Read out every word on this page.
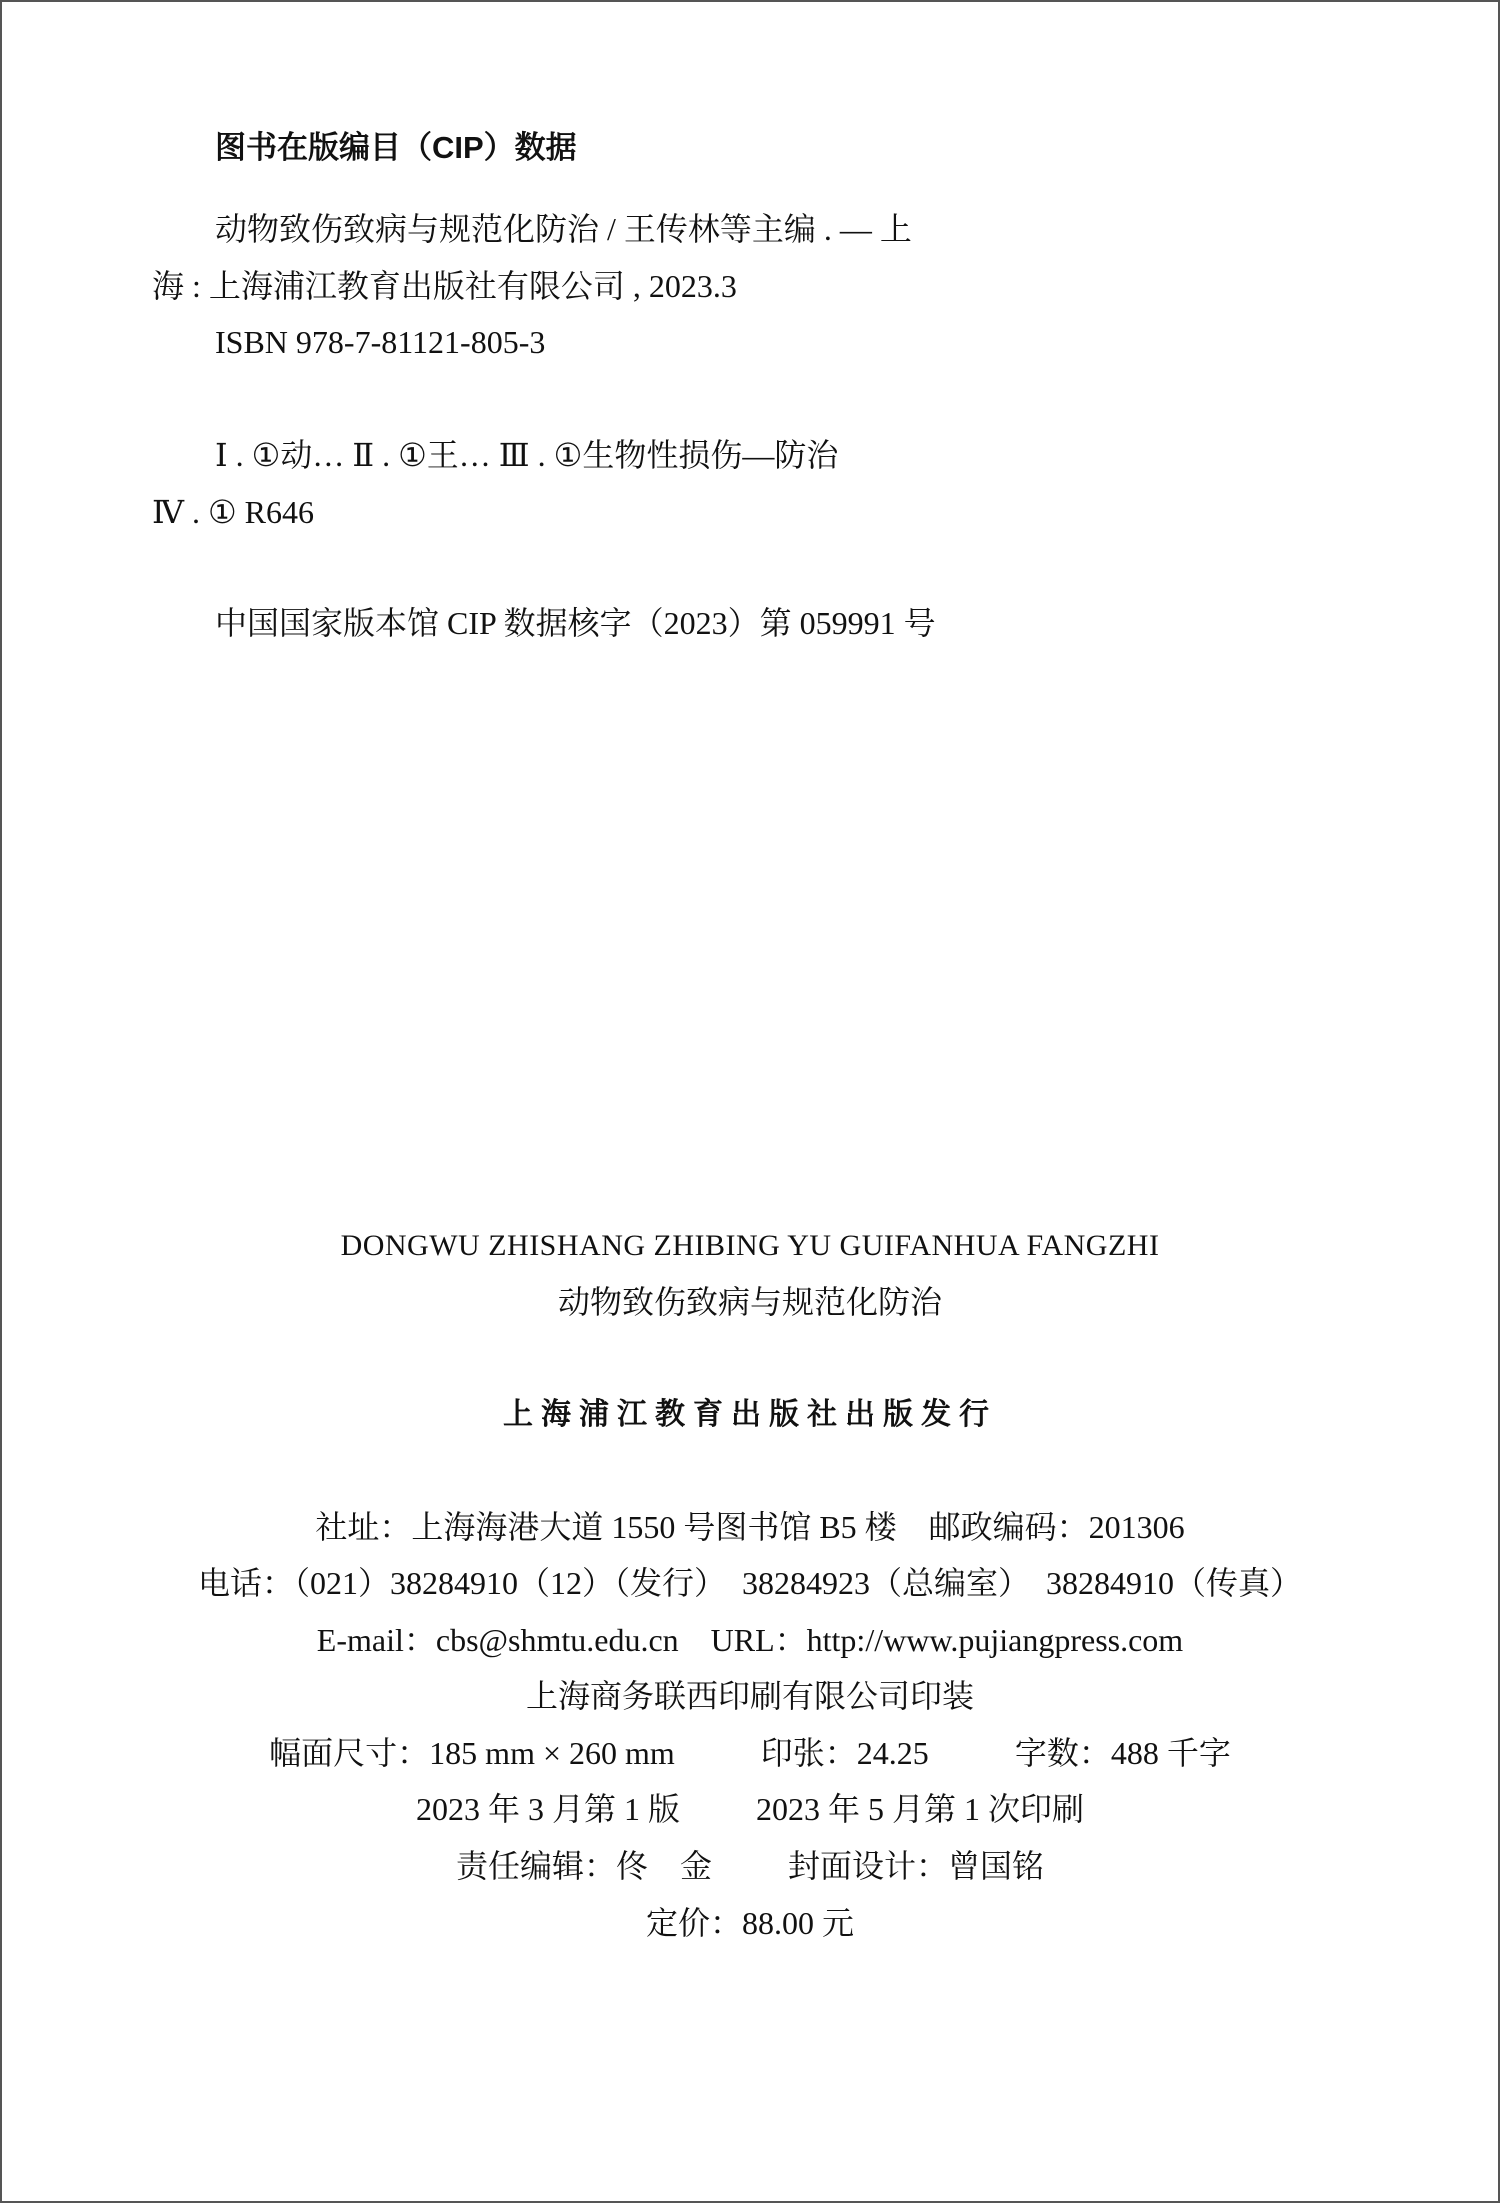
图书在版编目（CIP）数据
动物致伤致病与规范化防治 / 王传林等主编 . — 上
海 : 上海浦江教育出版社有限公司 , 2023.3
ISBN 978-7-81121-805-3
Ⅰ . ①动… Ⅱ . ①王… Ⅲ . ①生物性损伤—防治
Ⅳ . ① R646
中国国家版本馆 CIP 数据核字（2023）第 059991 号
DONGWU ZHISHANG ZHIBING YU GUIFANHUA FANGZHI
动物致伤致病与规范化防治
上海浦江教育出版社出版发行
社址：上海海港大道 1550 号图书馆 B5 楼　邮政编码：201306
电话：（021）38284910（12）（发行）　38284923（总编室）　38284910（传真）
E-mail：cbs@shmtu.edu.cn　URL：http://www.pujiangpress.com
上海商务联西印刷有限公司印装
幅面尺寸：185 mm × 260 mm	印张：24.25	字数：488 千字
2023 年 3 月第 1 版 2023 年 5 月第 1 次印刷
责任编辑：佟　金 封面设计：曾国铭
定价：88.00 元
